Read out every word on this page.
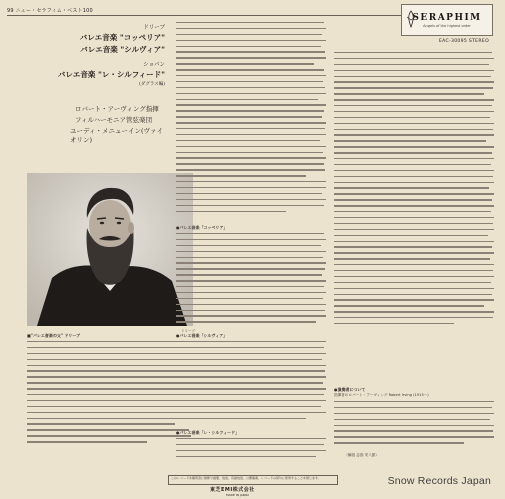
99 ニュー・セラフィム・ベスト100
SERAPHIM
Angels of the highest order
EAC-30095 STEREO
ドリーブ
バレエ音楽 "コッペリア"
バレエ音楽 "シルヴィア"
ショパン
バレエ音楽 "レ・シルフィード"
(ダグラス編)
ロバート・アーヴィング指揮
フィルハーモニア管弦楽団
ユーディ・メニューイン(ヴァイオリン)
ドリーブ
■"バレエ音楽の父" ドリーブ
●バレエ音楽「コッペリア」
●バレエ音楽「シルヴィア」
●バレエ音楽「レ・シルフィード」
●演奏者について
指揮者のロバート・アーヴィング Robert Irving (1913〜)
〈解説 志鳥 栄八郎〉
このレコードを権利者に無断で複製、放送、有線放送、公開演奏、レコードの貸与に使用することを禁じます。
東芝EMI株式会社
MADE IN JAPAN
Snow Records Japan
